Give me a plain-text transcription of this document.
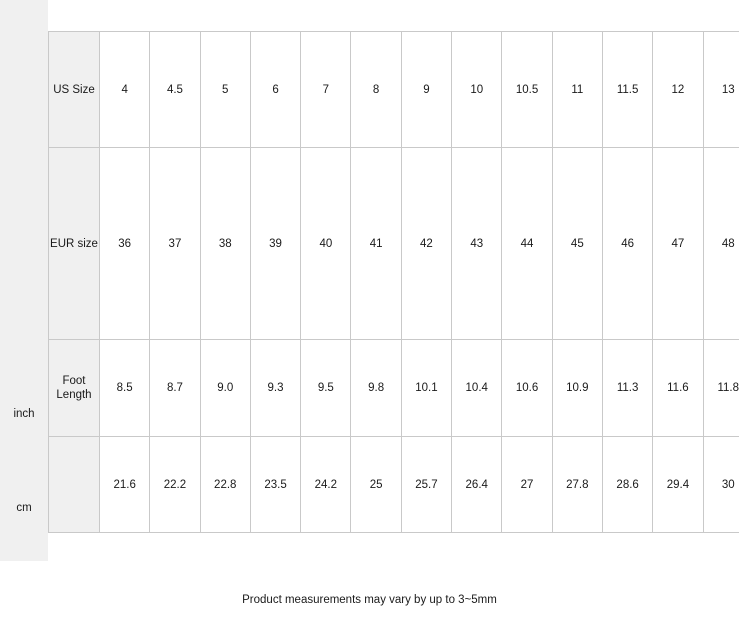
US Size	4	4.5	5	6	7	8	9	10	10.5	11	11.5	12	13
EUR size	36	37	38	39	40	41	42	43	44	45	46	47	48
Foot Length	8.5	8.7	9.0	9.3	9.5	9.8	10.1	10.4	10.6	10.9	11.3	11.6	11.8
	21.6	22.2	22.8	23.5	24.2	25	25.7	26.4	27	27.8	28.6	29.4	30
inch
cm
Product measurements may vary by up to 3~5mm
